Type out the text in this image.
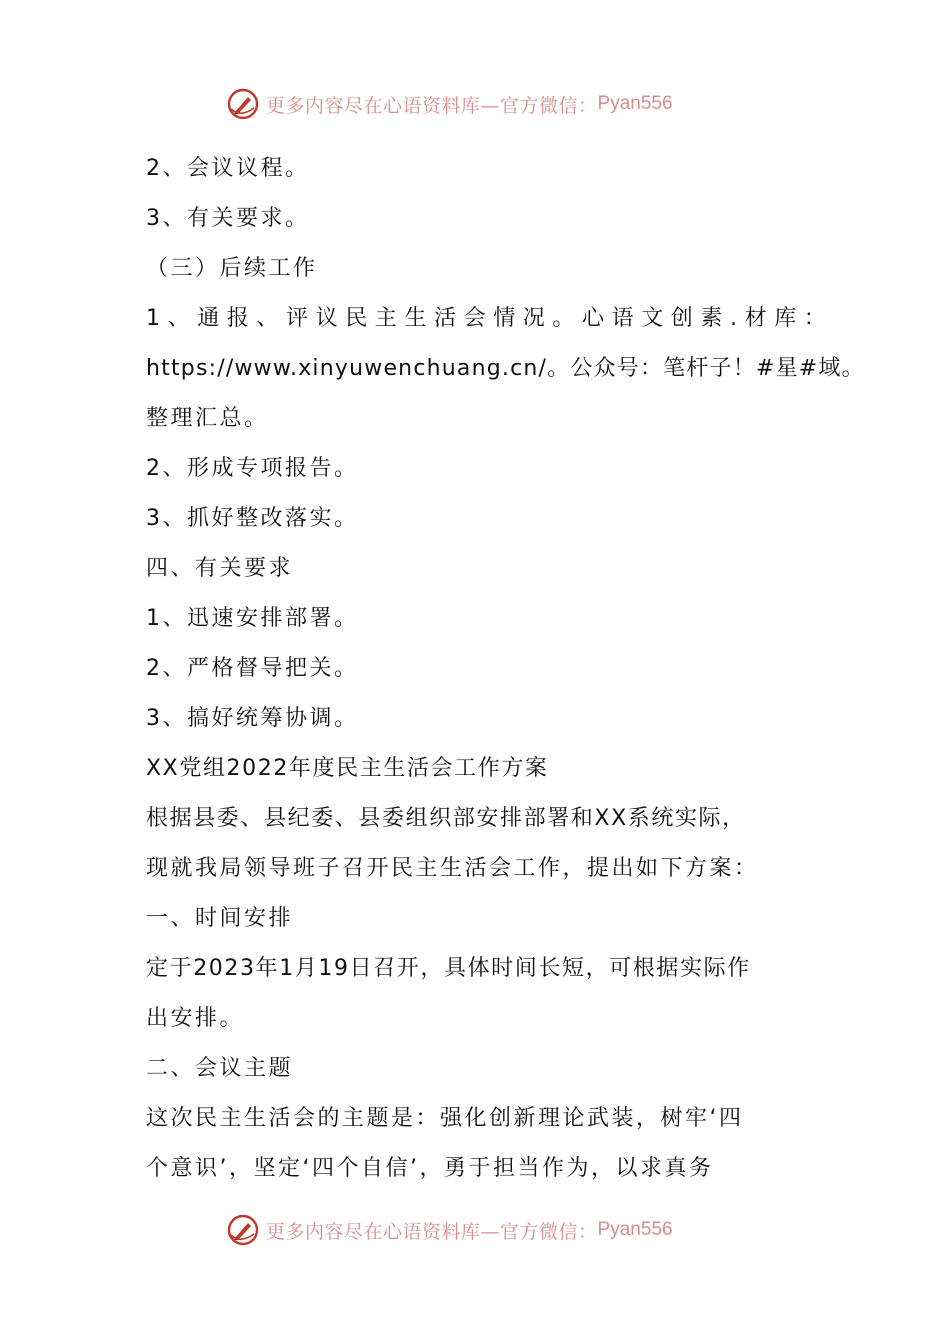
更多内容尽在心语资料库—官方微信： Pyan556
2、会议议程。
3、有关要求。
（三）后续工作
1、通报、评议民主生活会情况。心语文创素.材库：
https://www.xinyuwenchuang.cn/。公众号：笔杆子！#星#域。
整理汇总。
2、形成专项报告。
3、抓好整改落实。
四、有关要求
1、迅速安排部署。
2、严格督导把关。
3、搞好统筹协调。
XX党组2022年度民主生活会工作方案
根据县委、县纪委、县委组织部安排部署和XX系统实际，
现就我局领导班子召开民主生活会工作，提出如下方案：
一、时间安排
定于2023年1月19日召开，具体时间长短，可根据实际作
出安排。
二、会议主题
这次民主生活会的主题是：强化创新理论武装，树牢‘四
个意识’，坚定‘四个自信’，勇于担当作为，以求真务
更多内容尽在心语资料库—官方微信： Pyan556
